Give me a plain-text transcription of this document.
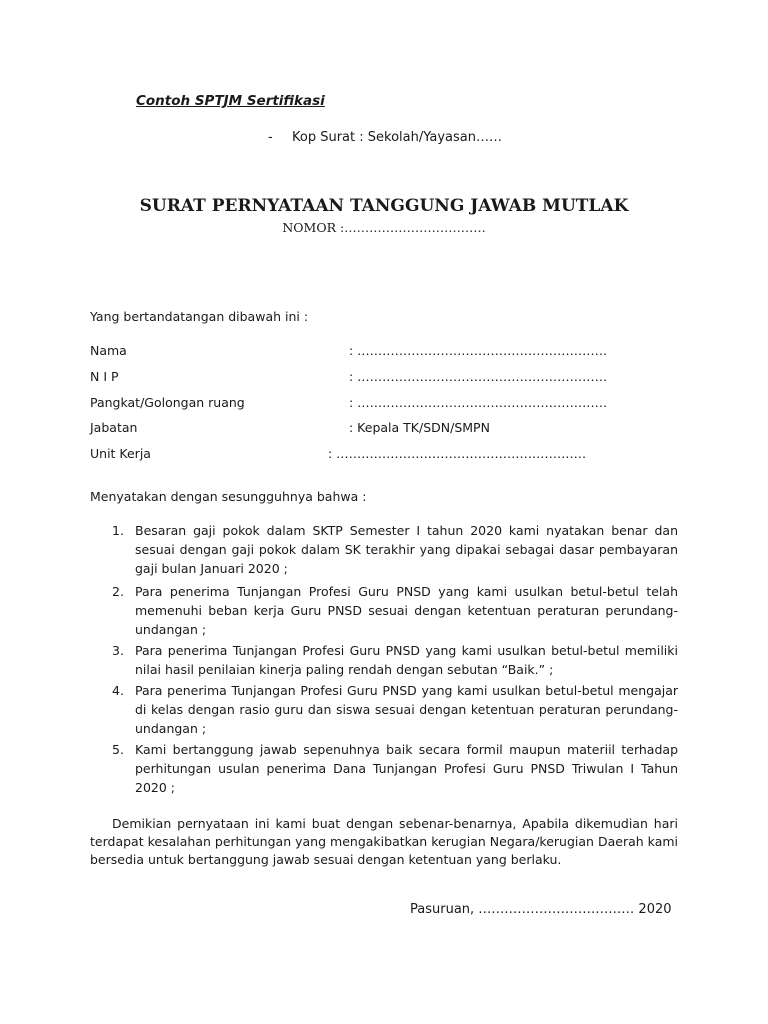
Contoh SPTJM Sertifikasi
- Kop Surat : Sekolah/Yayasan……
SURAT PERNYATAAN TANGGUNG JAWAB MUTLAK
NOMOR :…………………………….
Yang bertandatangan dibawah ini :
Nama	: ……………………………………………………
N I P	: ……………………………………………………
Pangkat/Golongan ruang	: ……………………………………………………
Jabatan	: Kepala TK/SDN/SMPN
Unit Kerja	: ……………………………………………………
Menyatakan dengan sesungguhnya bahwa :
1. Besaran gaji pokok dalam SKTP Semester I tahun 2020 kami nyatakan benar dan sesuai dengan gaji pokok dalam SK terakhir yang dipakai sebagai dasar pembayaran gaji bulan Januari 2020 ;
2. Para penerima Tunjangan Profesi Guru PNSD yang kami usulkan betul-betul telah memenuhi beban kerja Guru PNSD sesuai dengan ketentuan peraturan perundang-undangan ;
3. Para penerima Tunjangan Profesi Guru PNSD yang kami usulkan betul-betul memiliki nilai hasil penilaian kinerja paling rendah dengan sebutan “Baik.” ;
4. Para penerima Tunjangan Profesi Guru PNSD yang kami usulkan betul-betul mengajar di kelas dengan rasio guru dan siswa sesuai dengan ketentuan peraturan perundang-undangan ;
5. Kami bertanggung jawab sepenuhnya baik secara formil maupun materiil terhadap perhitungan usulan penerima Dana Tunjangan Profesi Guru PNSD Triwulan I Tahun 2020 ;
Demikian pernyataan ini kami buat dengan sebenar-benarnya, Apabila dikemudian hari terdapat kesalahan perhitungan yang mengakibatkan kerugian Negara/kerugian Daerah kami bersedia untuk bertanggung jawab sesuai dengan ketentuan yang berlaku.
Pasuruan, ……………………………… 2020
